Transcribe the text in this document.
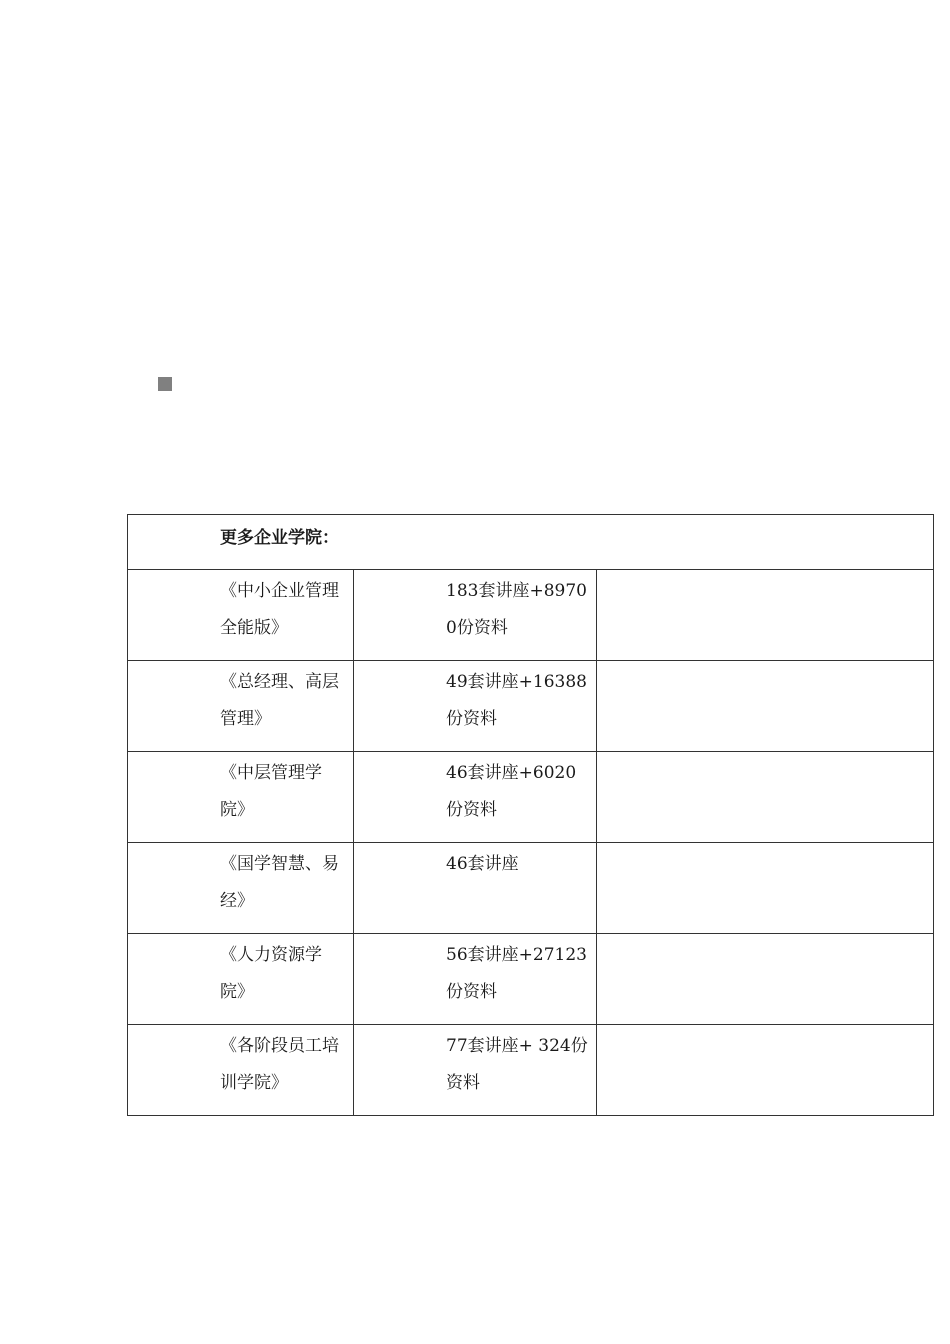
更多企业学院：		

《中小企业管理全能版》	183套讲座+89700份资料	

《总经理、高层管理》	49套讲座+16388份资料	

《中层管理学院》	46套讲座+6020份资料	

《国学智慧、易经》	46套讲座	

《人力资源学院》	56套讲座+27123份资料	

《各阶段员工培训学院》	77套讲座+ 324份资料	
